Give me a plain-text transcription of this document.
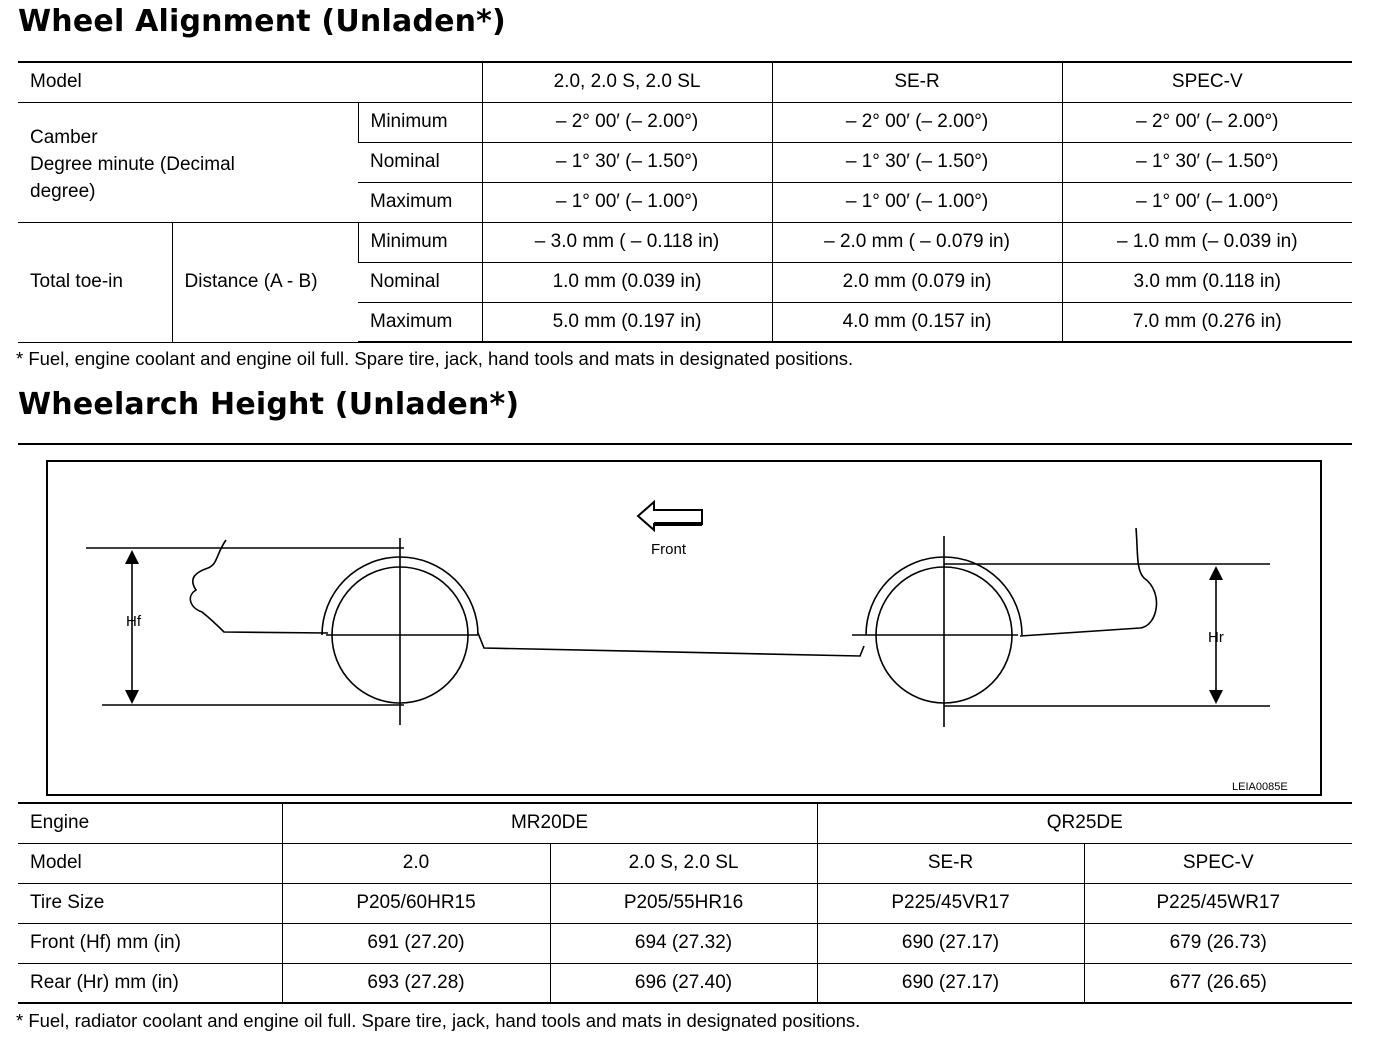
Wheel Alignment (Unladen*)
Model			2.0, 2.0 S, 2.0 SL	SE-R	SPEC-V
Camber
Degree minute (Decimal
degree)		Minimum	– 2° 00′ (– 2.00°)	– 2° 00′ (– 2.00°)	– 2° 00′ (– 2.00°)
		Nominal	– 1° 30′ (– 1.50°)	– 1° 30′ (– 1.50°)	– 1° 30′ (– 1.50°)
		Maximum	– 1° 00′ (– 1.00°)	– 1° 00′ (– 1.00°)	– 1° 00′ (– 1.00°)
Total toe-in	Distance (A - B)	Minimum	– 3.0 mm ( – 0.118 in)	– 2.0 mm ( – 0.079 in)	– 1.0 mm (– 0.039 in)
		Nominal	1.0 mm (0.039 in)	2.0 mm (0.079 in)	3.0 mm (0.118 in)
		Maximum	5.0 mm (0.197 in)	4.0 mm (0.157 in)	7.0 mm (0.276 in)
* Fuel, engine coolant and engine oil full. Spare tire, jack, hand tools and mats in designated positions.
Wheelarch Height (Unladen*)
Front
Hf
Hr
LEIA0085E
Engine	MR20DE		QR25DE	
Model	2.0	2.0 S, 2.0 SL	SE-R	SPEC-V
Tire Size	P205/60HR15	P205/55HR16	P225/45VR17	P225/45WR17
Front (Hf) mm (in)	691 (27.20)	694 (27.32)	690 (27.17)	679 (26.73)
Rear (Hr) mm (in)	693 (27.28)	696 (27.40)	690 (27.17)	677 (26.65)
* Fuel, radiator coolant and engine oil full. Spare tire, jack, hand tools and mats in designated positions.
